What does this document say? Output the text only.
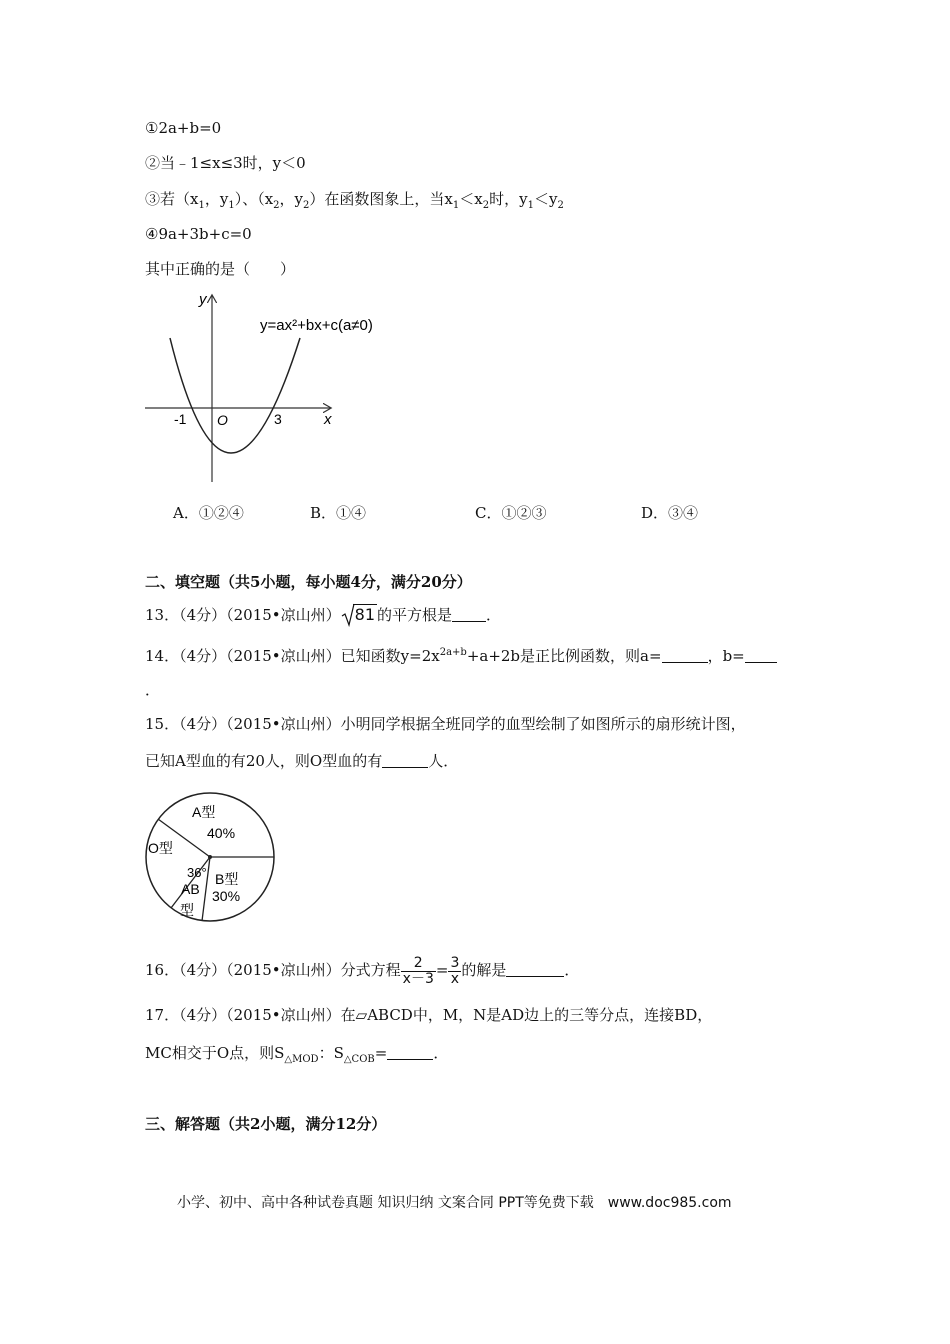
①2a+b=0
②当﹣1≤x≤3时，y＜0
③若（$x_1$，$y_1$）、（$x_2$，$y_2$）在函数图象上，当$x_1<x_2$时，$y_1<y_2$
④9a+3b+c=0
其中正确的是（　　）
y
x
O
-1	3
y=ax²+bx+c(a≠0)
A．①②④	B．①④	C．①②③	D．③④
二、填空题（共5小题，每小题4分，满分20分）
13．（4分）（2015•凉山州） 81 的平方根是 ．
14．（4分）（2015•凉山州）已知函数$y=2x^{2a+b}+a+2b$是正比例函数，则a=	，b=
．
15．（4分）（2015•凉山州）小明同学根据全班同学的血型绘制了如图所示的扇形统计图，
已知A型血的有20人，则O型血的有	人．
A型
40%
O型
36°
AB
型
B型
30%
16．（4分）（2015•凉山州）分式方程 $\frac{2}{x-3} = \frac{3}{x}$ 的解是	．
17．（4分）（2015•凉山州）在▱ABCD中，M，N是AD边上的三等分点，连接BD，
MC相交于O点，则$S_{\triangle MOD}$：$S_{\triangle COB}=$	．
三、解答题（共2小题，满分12分）
小学、初中、高中各种试卷真题 知识归纳 文案合同 PPT等免费下载　www.doc985.com
